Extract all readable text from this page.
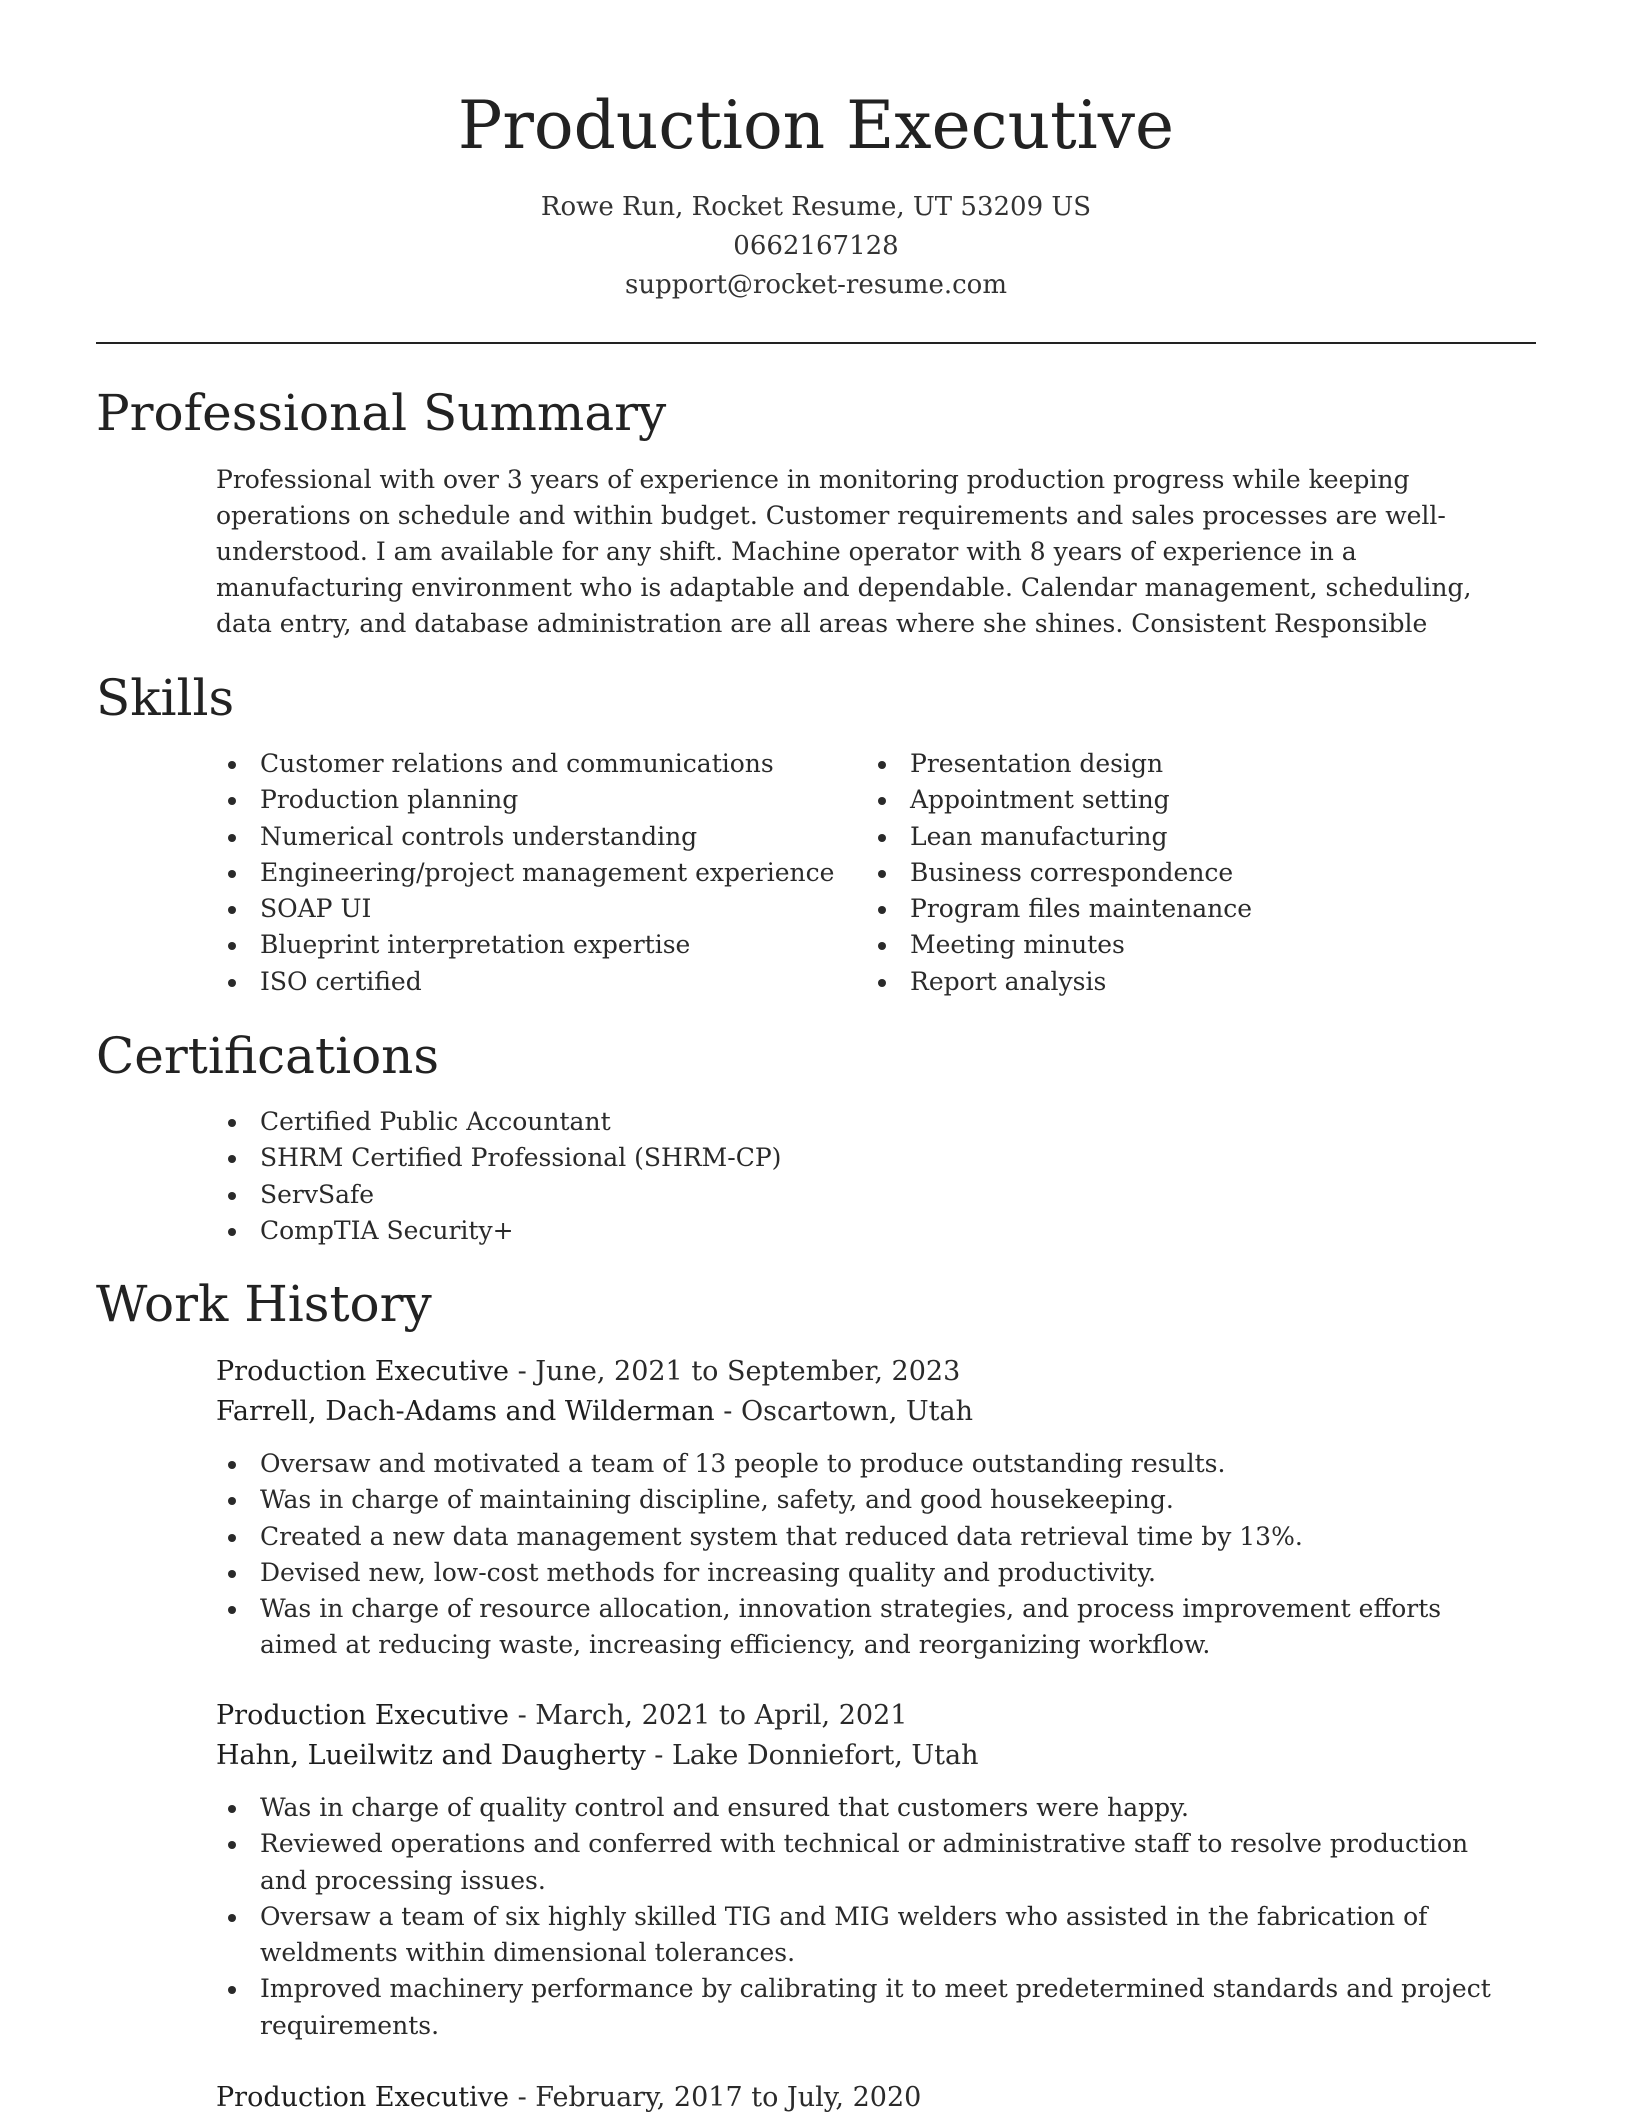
Production Executive
Rowe Run, Rocket Resume, UT 53209 US
0662167128
support@rocket-resume.com
Professional Summary

Professional with over 3 years of experience in monitoring production progress while keeping operations on schedule and within budget. Customer requirements and sales processes are well-understood. I am available for any shift. Machine operator with 8 years of experience in a manufacturing environment who is adaptable and dependable. Calendar management, scheduling, data entry, and database administration are all areas where she shines. Consistent Responsible

Skills
Customer relations and communications
Production planning
Numerical controls understanding
Engineering/project management experience
SOAP UI
Blueprint interpretation expertise
ISO certified
Presentation design
Appointment setting
Lean manufacturing
Business correspondence
Program files maintenance
Meeting minutes
Report analysis
Certifications
Certified Public Accountant
SHRM Certified Professional (SHRM-CP)
ServSafe
CompTIA Security+
Work History
Production Executive - June, 2021 to September, 2023
Farrell, Dach-Adams and Wilderman - Oscartown, Utah
Oversaw and motivated a team of 13 people to produce outstanding results.
Was in charge of maintaining discipline, safety, and good housekeeping.
Created a new data management system that reduced data retrieval time by 13%.
Devised new, low-cost methods for increasing quality and productivity.
Was in charge of resource allocation, innovation strategies, and process improvement efforts aimed at reducing waste, increasing efficiency, and reorganizing workflow.
Production Executive - March, 2021 to April, 2021
Hahn, Lueilwitz and Daugherty - Lake Donniefort, Utah
Was in charge of quality control and ensured that customers were happy.
Reviewed operations and conferred with technical or administrative staff to resolve production and processing issues.
Oversaw a team of six highly skilled TIG and MIG welders who assisted in the fabrication of weldments within dimensional tolerances.
Improved machinery performance by calibrating it to meet predetermined standards and project requirements.
Production Executive - February, 2017 to July, 2020
